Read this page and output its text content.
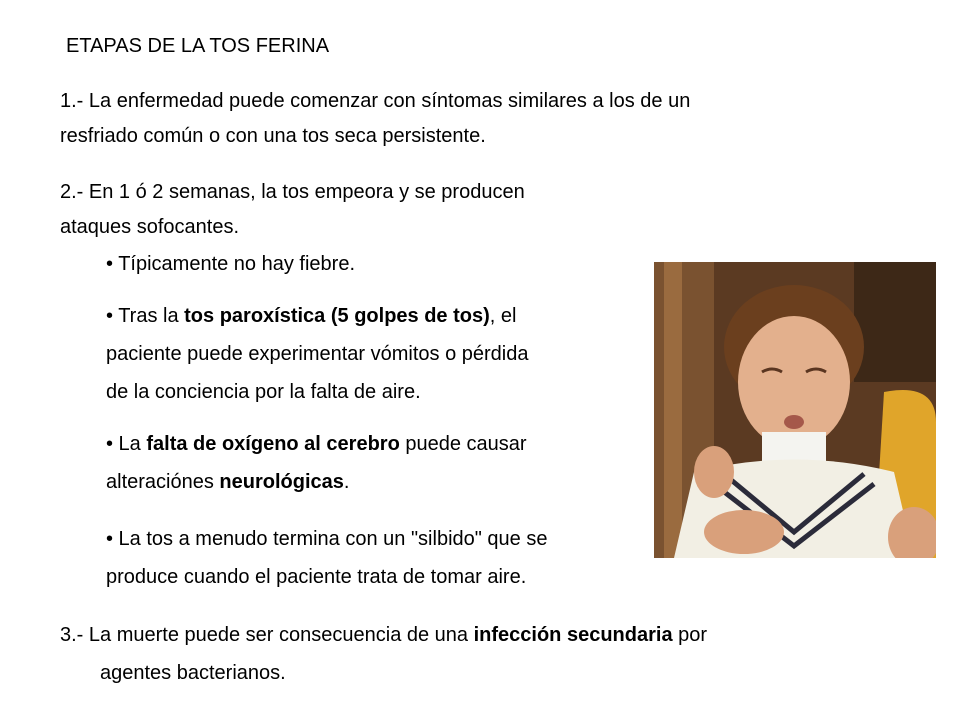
ETAPAS DE LA TOS FERINA
1.- La enfermedad puede comenzar con síntomas similares a los de un
resfriado común o con una tos seca persistente.
2.- En 1 ó 2 semanas, la tos empeora y se producen
ataques sofocantes.
• Típicamente no hay fiebre.
• Tras la tos paroxística (5 golpes de tos), el
paciente puede experimentar vómitos o pérdida
de la conciencia por la falta de aire.
• La falta de oxígeno al cerebro puede causar
alteraciónes neurológicas.
• La tos a menudo termina con un "silbido" que se
produce cuando el paciente trata de tomar aire.
3.- La muerte puede ser consecuencia de una infección secundaria por
agentes bacterianos.
